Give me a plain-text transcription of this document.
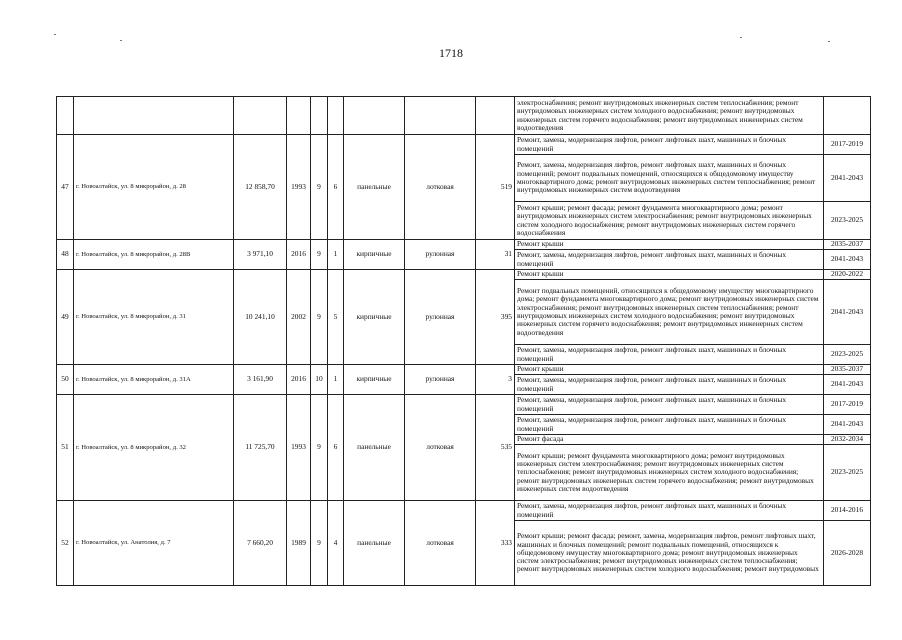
1718
									электроснабжения; ремонт внутридомовых инженерных систем теплоснабжения; ремонт внутридомовых инженерных систем холодного водоснабжения; ремонт внутридомовых инженерных систем горячего водоснабжения; ремонт внутридомовых инженерных систем водоотведения	
47	г. Новоалтайск, ул. 8 микрорайон, д. 28	12 858,70	1993	9	6	панельные	лотковая	519	Ремонт, замена, модернизация лифтов, ремонт лифтовых шахт, машинных и блочных помещений	2017-2019
									Ремонт, замена, модернизация лифтов, ремонт лифтовых шахт, машинных и блочных помещений; ремонт подвальных помещений, относящихся к общедомовому имуществу многоквартирного дома; ремонт внутридомовых инженерных систем теплоснабжения; ремонт внутридомовых инженерных систем водоотведения	2041-2043
									Ремонт крыши; ремонт фасада; ремонт фундамента многоквартирного дома; ремонт внутридомовых инженерных систем электроснабжения; ремонт внутридомовых инженерных систем холодного водоснабжения; ремонт внутридомовых инженерных систем горячего водоснабжения	2023-2025
48	г. Новоалтайск, ул. 8 микрорайон, д. 28В	3 971,10	2016	9	1	кирпичные	рулонная	31	Ремонт крыши	2035-2037
									Ремонт, замена, модернизация лифтов, ремонт лифтовых шахт, машинных и блочных помещений	2041-2043
49	г. Новоалтайск, ул. 8 микрорайон, д. 31	10 241,10	2002	9	5	кирпичные	рулонная	395	Ремонт крыши	2020-2022
									Ремонт подвальных помещений, относящихся к общедомовому имуществу многоквартирного дома; ремонт фундамента многоквартирного дома; ремонт внутридомовых инженерных систем электроснабжения; ремонт внутридомовых инженерных систем теплоснабжения; ремонт внутридомовых инженерных систем холодного водоснабжения; ремонт внутридомовых инженерных систем горячего водоснабжения; ремонт внутридомовых инженерных систем водоотведения	2041-2043
									Ремонт, замена, модернизация лифтов, ремонт лифтовых шахт, машинных и блочных помещений	2023-2025
50	г. Новоалтайск, ул. 8 микрорайон, д. 31А	3 161,90	2016	10	1	кирпичные	рулонная	3	Ремонт крыши	2035-2037
									Ремонт, замена, модернизация лифтов, ремонт лифтовых шахт, машинных и блочных помещений	2041-2043
51	г. Новоалтайск, ул. 8 микрорайон, д. 32	11 725,70	1993	9	6	панельные	лотковая	535	Ремонт, замена, модернизация лифтов, ремонт лифтовых шахт, машинных и блочных помещений	2017-2019
									Ремонт, замена, модернизация лифтов, ремонт лифтовых шахт, машинных и блочных помещений	2041-2043
									Ремонт фасада	2032-2034
									Ремонт крыши; ремонт фундамента многоквартирного дома; ремонт внутридомовых инженерных систем электроснабжения; ремонт внутридомовых инженерных систем теплоснабжения; ремонт внутридомовых инженерных систем холодного водоснабжения; ремонт внутридомовых инженерных систем горячего водоснабжения; ремонт внутридомовых инженерных систем водоотведения	2023-2025
52	г. Новоалтайск, ул. Анатолия, д. 7	7 660,20	1989	9	4	панельные	лотковая	333	Ремонт, замена, модернизация лифтов, ремонт лифтовых шахт, машинных и блочных помещений	2014-2016
									Ремонт крыши; ремонт фасада; ремонт, замена, модернизация лифтов, ремонт лифтовых шахт, машинных и блочных помещений; ремонт подвальных помещений, относящихся к общедомовому имуществу многоквартирного дома; ремонт внутридомовых инженерных систем электроснабжения; ремонт внутридомовых инженерных систем теплоснабжения; ремонт внутридомовых инженерных систем холодного водоснабжения; ремонт внутридомовых	2026-2028
